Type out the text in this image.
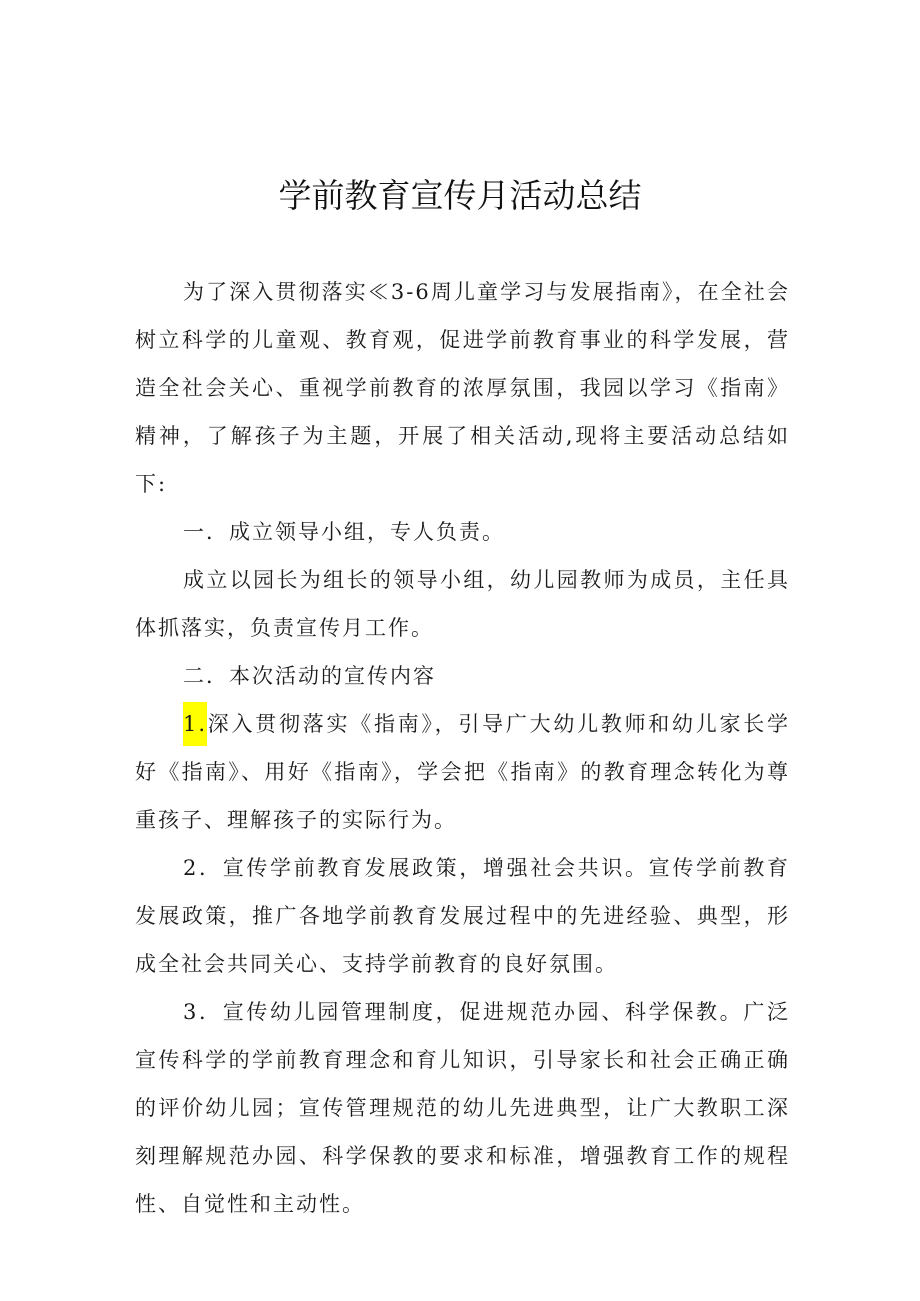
学前教育宣传月活动总结

为了深入贯彻落实≪3-6周儿童学习与发展指南》，在全社会树立科学的儿童观、教育观，促进学前教育事业的科学发展，营造全社会关心、重视学前教育的浓厚氛围，我园以学习《指南》精神，了解孩子为主题，开展了相关活动,现将主要活动总结如下:

一．成立领导小组，专人负责。

成立以园长为组长的领导小组，幼儿园教师为成员，主任具体抓落实，负责宣传月工作。

二．本次活动的宣传内容

1.深入贯彻落实《指南》，引导广大幼儿教师和幼儿家长学好《指南》、用好《指南》，学会把《指南》的教育理念转化为尊重孩子、理解孩子的实际行为。

2．宣传学前教育发展政策，增强社会共识。宣传学前教育发展政策，推广各地学前教育发展过程中的先进经验、典型，形成全社会共同关心、支持学前教育的良好氛围。

3．宣传幼儿园管理制度，促进规范办园、科学保教。广泛宣传科学的学前教育理念和育儿知识，引导家长和社会正确正确的评价幼儿园；宣传管理规范的幼儿先进典型，让广大教职工深刻理解规范办园、科学保教的要求和标准，增强教育工作的规程性、自觉性和主动性。
